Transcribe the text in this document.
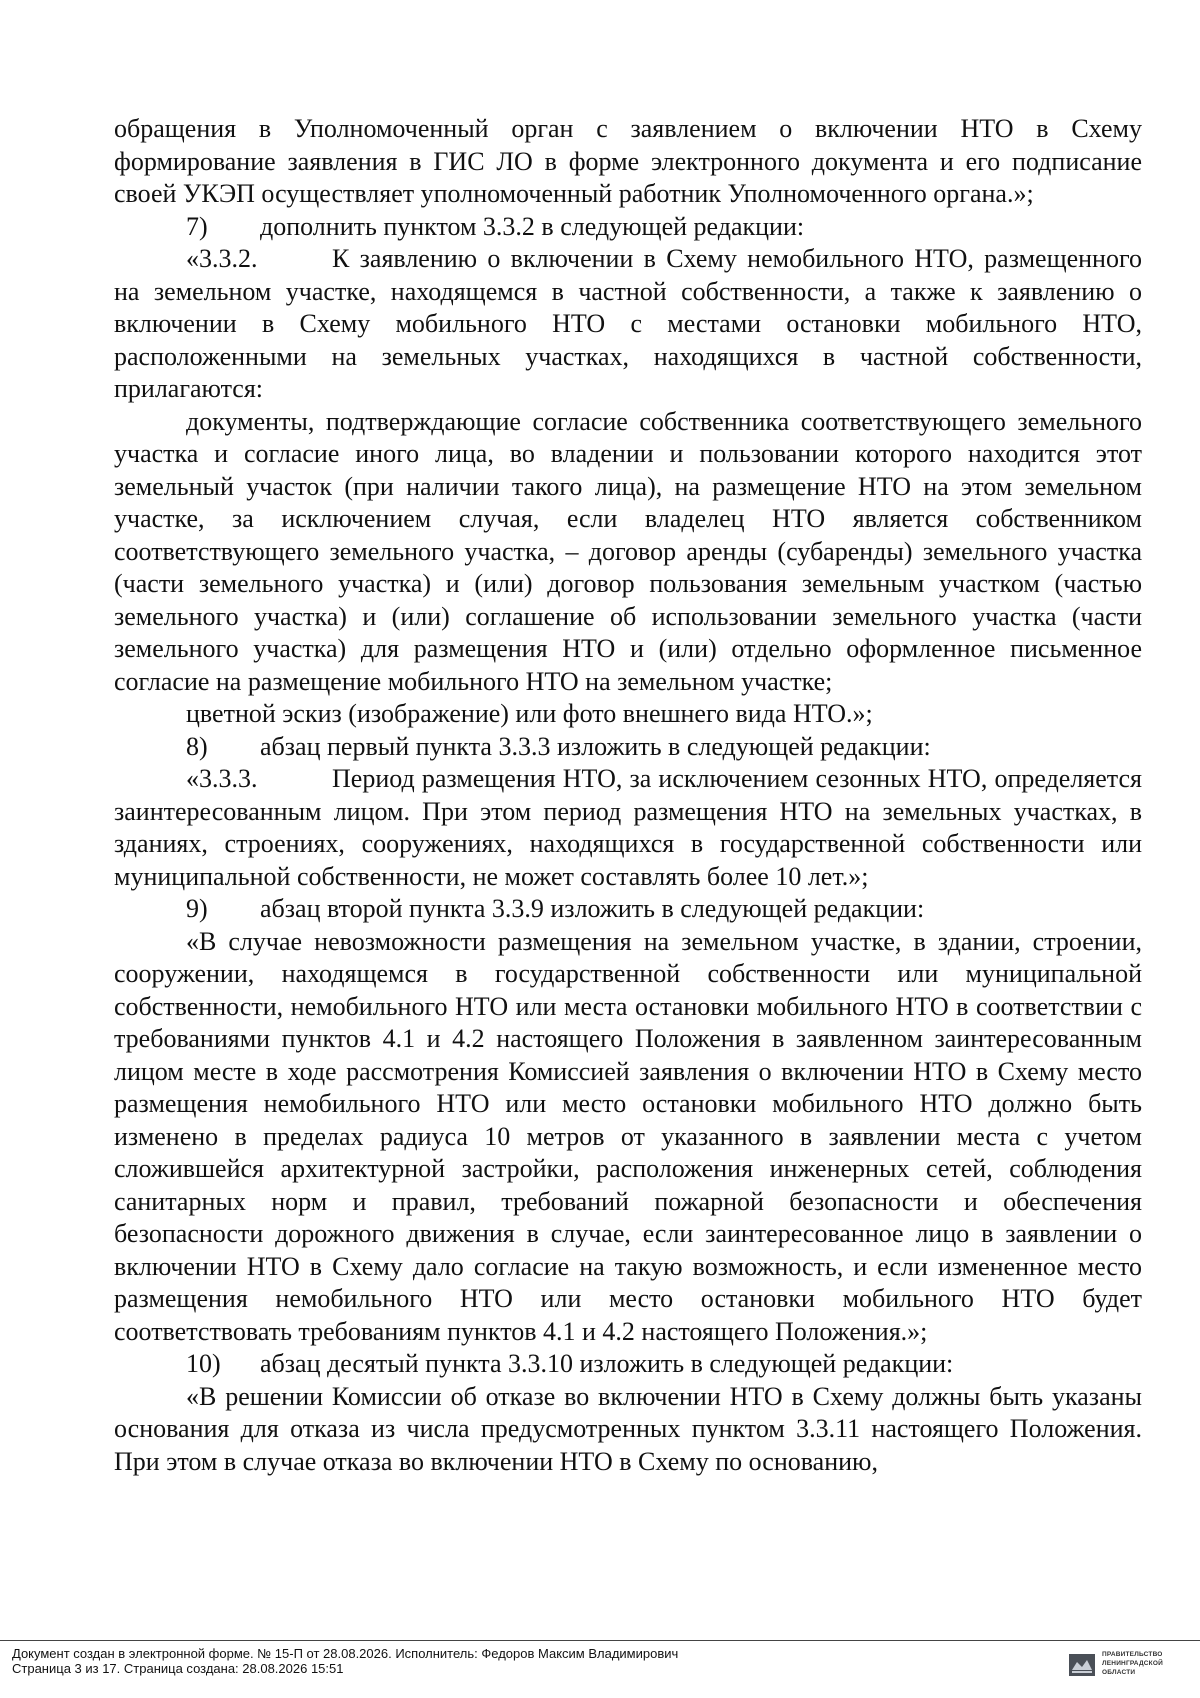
обращения в Уполномоченный орган с заявлением о включении НТО в Схему формирование заявления в ГИС ЛО в форме электронного документа и его подписание своей УКЭП осуществляет уполномоченный работник Уполномоченного органа.»;

7) дополнить пунктом 3.3.2 в следующей редакции:

«3.3.2.	К заявлению о включении в Схему немобильного НТО, размещенного на земельном участке, находящемся в частной собственности, а также к заявлению о включении в Схему мобильного НТО с местами остановки мобильного НТО, расположенными на земельных участках, находящихся в частной собственности, прилагаются:

документы, подтверждающие согласие собственника соответствующего земельного участка и согласие иного лица, во владении и пользовании которого находится этот земельный участок (при наличии такого лица), на размещение НТО на этом земельном участке, за исключением случая, если владелец НТО является собственником соответствующего земельного участка, – договор аренды (субаренды) земельного участка (части земельного участка) и (или) договор пользования земельным участком (частью земельного участка) и (или) соглашение об использовании земельного участка (части земельного участка) для размещения НТО и (или) отдельно оформленное письменное согласие на размещение мобильного НТО на земельном участке;

цветной эскиз (изображение) или фото внешнего вида НТО.»;

8) абзац первый пункта 3.3.3 изложить в следующей редакции:

«3.3.3.	Период размещения НТО, за исключением сезонных НТО, определяется заинтересованным лицом. При этом период размещения НТО на земельных участках, в зданиях, строениях, сооружениях, находящихся в государственной собственности или муниципальной собственности, не может составлять более 10 лет.»;

9) абзац второй пункта 3.3.9 изложить в следующей редакции:

«В случае невозможности размещения на земельном участке, в здании, строении, сооружении, находящемся в государственной собственности или муниципальной собственности, немобильного НТО или места остановки мобильного НТО в соответствии с требованиями пунктов 4.1 и 4.2 настоящего Положения в заявленном заинтересованным лицом месте в ходе рассмотрения Комиссией заявления о включении НТО в Схему место размещения немобильного НТО или место остановки мобильного НТО должно быть изменено в пределах радиуса 10 метров от указанного в заявлении места с учетом сложившейся архитектурной застройки, расположения инженерных сетей, соблюдения санитарных норм и правил, требований пожарной безопасности и обеспечения безопасности дорожного движения в случае, если заинтересованное лицо в заявлении о включении НТО в Схему дало согласие на такую возможность, и если измененное место размещения немобильного НТО или место остановки мобильного НТО будет соответствовать требованиям пунктов 4.1 и 4.2 настоящего Положения.»;

10) абзац десятый пункта 3.3.10 изложить в следующей редакции:

«В решении Комиссии об отказе во включении НТО в Схему должны быть указаны основания для отказа из числа предусмотренных пунктом 3.3.11 настоящего Положения. При этом в случае отказа во включении НТО в Схему по основанию,

Документ создан в электронной форме. № 15-П от 28.08.2026. Исполнитель: Федоров Максим Владимирович
Страница 3 из 17. Страница создана: 28.08.2026 15:51
ПРАВИТЕЛЬСТВО
ЛЕНИНГРАДСКОЙ
ОБЛАСТИ
